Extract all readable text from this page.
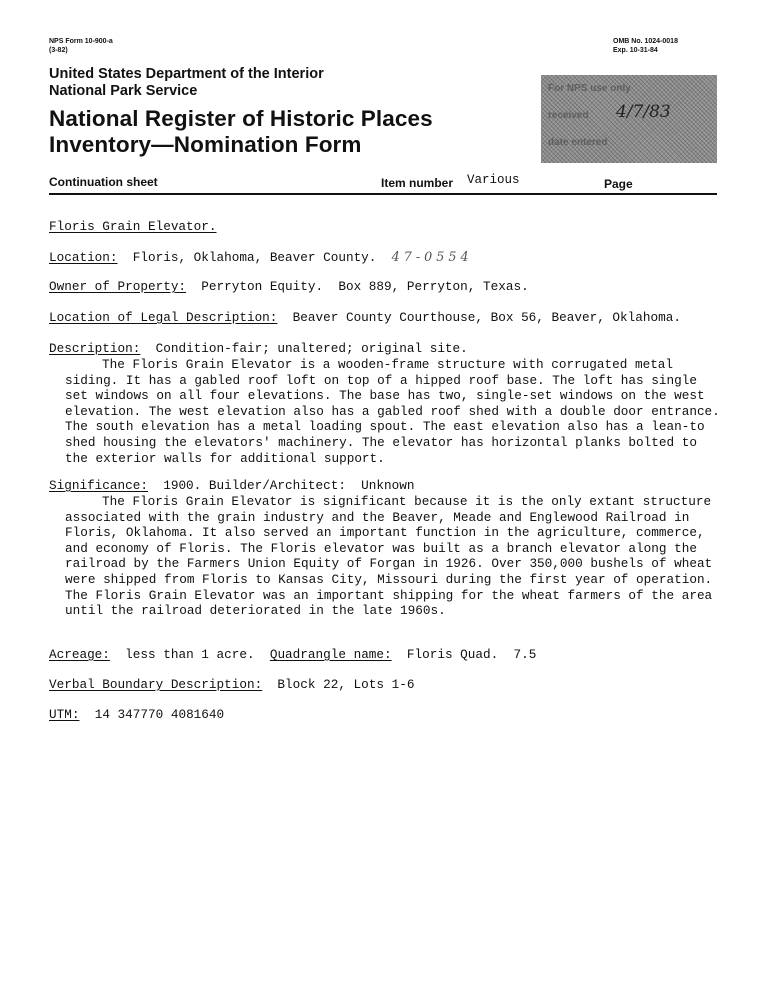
NPS Form 10-900-a
(3-82)
OMB No. 1024-0018
Exp. 10-31-84
United States Department of the Interior
National Park Service
National Register of Historic Places
Inventory—Nomination Form
For NPS use only
received 4/7/83
date entered
Continuation sheet	Item number Various	Page
Floris Grain Elevator.
Location: Floris, Oklahoma, Beaver County. 4 7 - 0 5 5 4
Owner of Property: Perryton Equity.  Box 889, Perryton, Texas.
Location of Legal Description: Beaver County Courthouse, Box 56, Beaver, Oklahoma.
Description: Condition-fair; unaltered; original site.
The Floris Grain Elevator is a wooden-frame structure with corrugated metal siding. It has a gabled roof loft on top of a hipped roof base. The loft has single set windows on all four elevations. The base has two, single-set windows on the west elevation. The west elevation also has a gabled roof shed with a double door entrance. The south elevation has a metal loading spout. The east elevation also has a lean-to shed housing the elevators' machinery. The elevator has horizontal planks bolted to the exterior walls for additional support.
Significance: 1900. Builder/Architect:  Unknown
The Floris Grain Elevator is significant because it is the only extant structure associated with the grain industry and the Beaver, Meade and Englewood Railroad in Floris, Oklahoma. It also served an important function in the agriculture, commerce, and economy of Floris. The Floris elevator was built as a branch elevator along the railroad by the Farmers Union Equity of Forgan in 1926. Over 350,000 bushels of wheat were shipped from Floris to Kansas City, Missouri during the first year of operation. The Floris Grain Elevator was an important shipping for the wheat farmers of the area until the railroad deteriorated in the late 1960s.
Acreage: less than 1 acre. Quadrangle name: Floris Quad.  7.5
Verbal Boundary Description: Block 22, Lots 1-6
UTM: 14 347770 4081640
